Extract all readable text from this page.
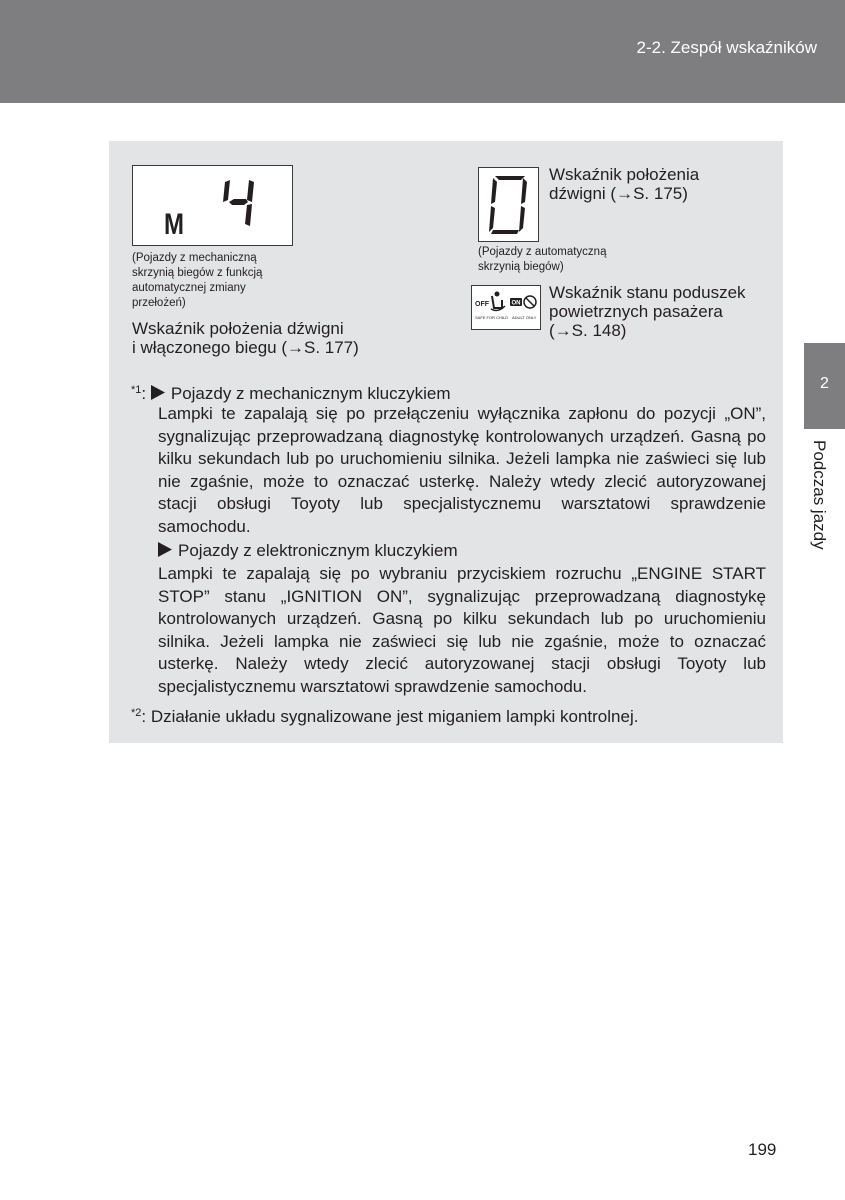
2-2. Zespół wskaźników
M
(Pojazdy z mechaniczną
skrzynią biegów z funkcją
automatycznej zmiany
przełożeń)
Wskaźnik położenia dźwigni
i włączonego biegu (→S. 177)
Wskaźnik położenia
dźwigni (→S. 175)
(Pojazdy z automatyczną
skrzynią biegów)
OFF	ON
SAFE FOR CHILD ADULT ONLY
Wskaźnik stanu poduszek
powietrznych pasażera
(→S. 148)
$^{*1}$: Pojazdy z mechanicznym kluczykiem
Lampki te zapalają się po przełączeniu wyłącznika zapłonu do pozycji „ON”, sygnalizując przeprowadzaną diagnostykę kontrolowanych urządzeń. Gasną po kilku sekundach lub po uruchomieniu silnika. Jeżeli lampka nie zaświeci się lub nie zgaśnie, może to oznaczać usterkę. Należy wtedy zlecić autoryzowanej stacji obsługi Toyoty lub specjalistycznemu warsztatowi sprawdzenie samochodu.
Pojazdy z elektronicznym kluczykiem
Lampki te zapalają się po wybraniu przyciskiem rozruchu „ENGINE START STOP” stanu „IGNITION ON”, sygnalizując przeprowadzaną diagnostykę kontrolowanych urządzeń. Gasną po kilku sekundach lub po uruchomieniu silnika. Jeżeli lampka nie zaświeci się lub nie zgaśnie, może to oznaczać usterkę. Należy wtedy zlecić autoryzowanej stacji obsługi Toyoty lub specjalistycznemu warsztatowi sprawdzenie samochodu.
$^{*2}$: Działanie układu sygnalizowane jest miganiem lampki kontrolnej.
2
Podczas jazdy
199
